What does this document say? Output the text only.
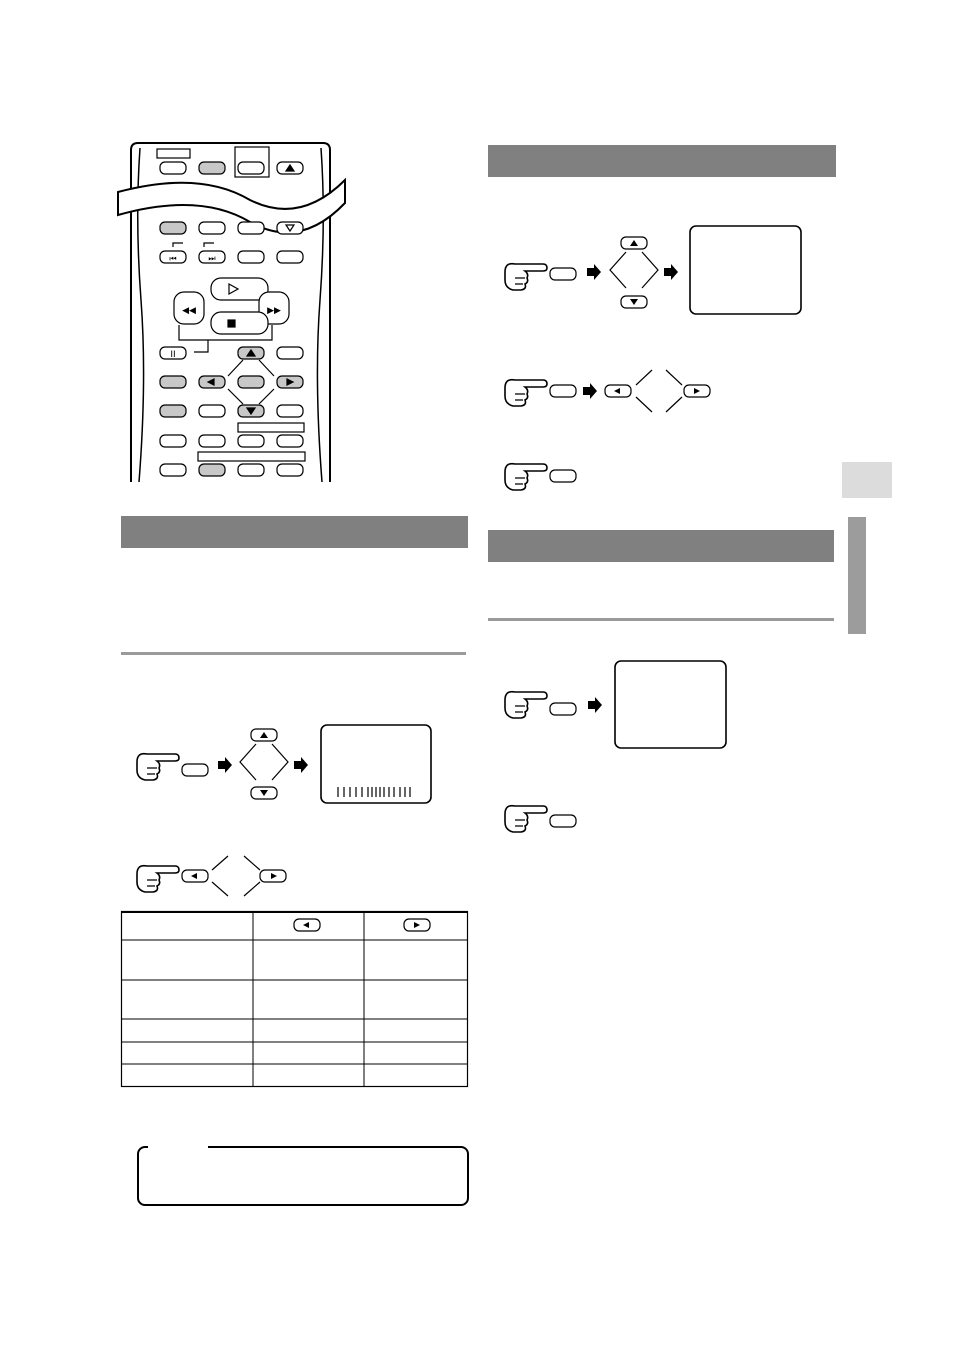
⏮	⏭
◀◀	▶▶
II
